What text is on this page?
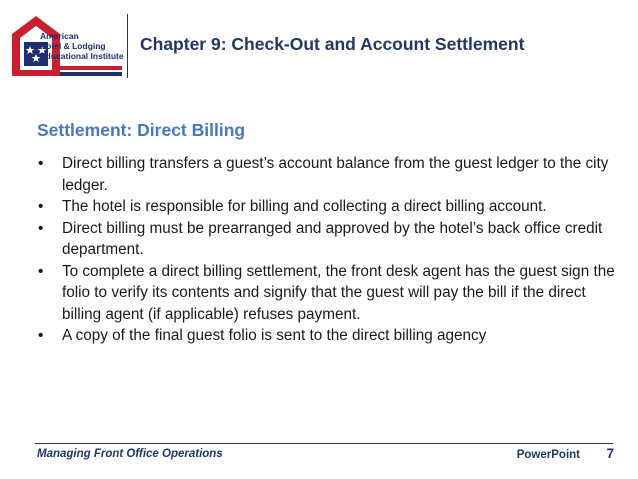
American
Hotel & Lodging
Educational Institute
Chapter 9: Check-Out and Account Settlement
Settlement: Direct Billing
• Direct billing transfers a guest’s account balance from the guest ledger to the city ledger.
• The hotel is responsible for billing and collecting a direct billing account.
• Direct billing must be prearranged and approved by the hotel’s back office credit department.
• To complete a direct billing settlement, the front desk agent has the guest sign the folio to verify its contents and signify that the guest will pay the bill if the direct billing agent (if applicable) refuses payment.
• A copy of the final guest folio is sent to the direct billing agency
Managing Front Office Operations	PowerPoint 7
